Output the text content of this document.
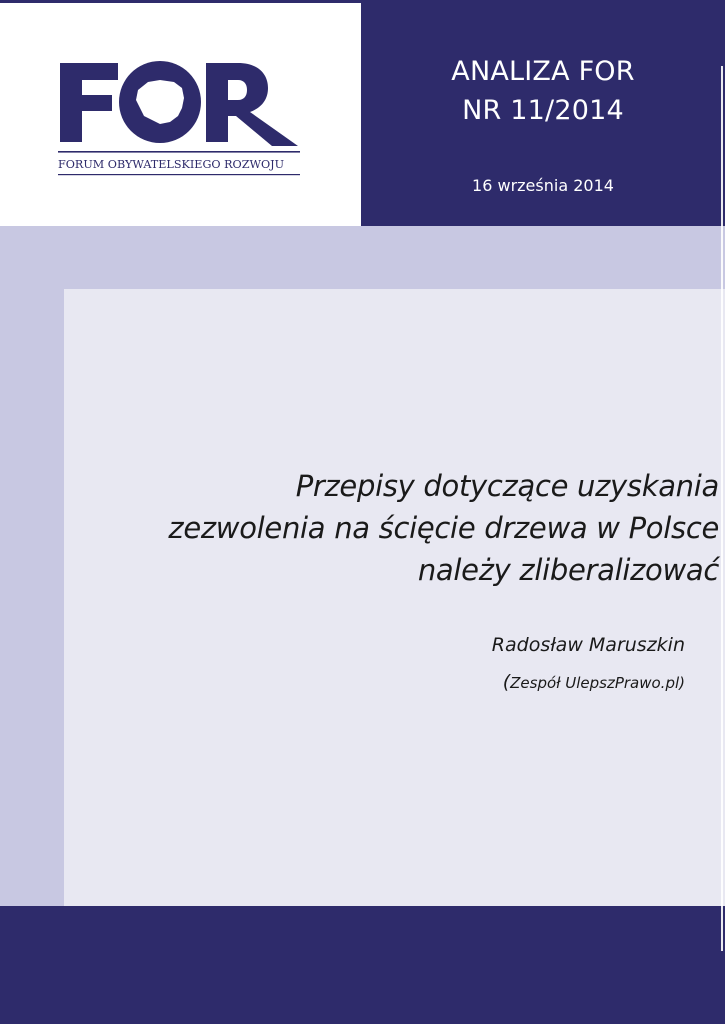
FORUM OBYWATELSKIEGO ROZWOJU
ANALIZA FOR
NR 11/2014
16 września 2014
Przepisy dotyczące uzyskania
zezwolenia na ścięcie drzewa w Polsce
należy zliberalizować
Radosław Maruszkin
(Zespół UlepszPrawo.pl)
